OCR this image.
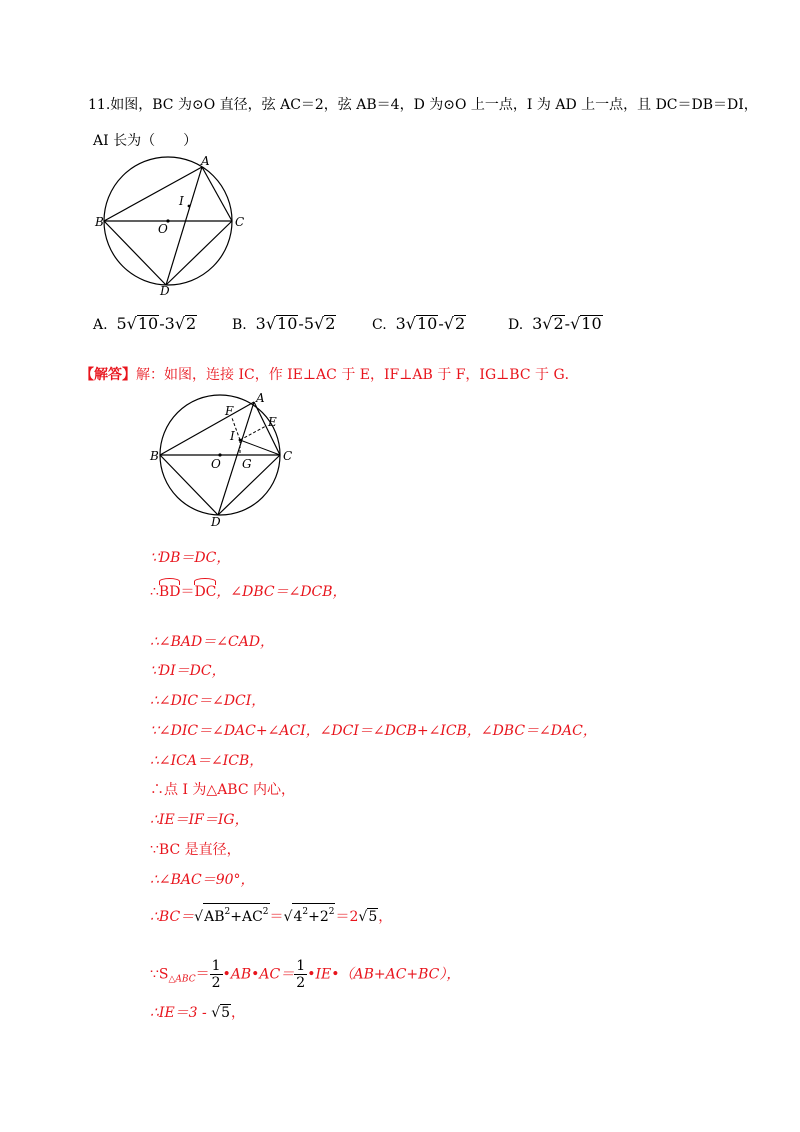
11.如图，BC 为⊙O 直径，弦 AC＝2，弦 AB＝4，D 为⊙O 上一点，I 为 AD 上一点，且 DC＝DB＝DI，
AI 长为（　　）
A
B	C
D
I
O
A. 5√10-3√2	B. 3√10-5√2	C. 3√10-√2	D. 3√2-√10
【解答】解：如图，连接 IC，作 IE⊥AC 于 E，IF⊥AB 于 F，IG⊥BC 于 G．
A
B	C
D
E
F
G
I
O
∵DB＝DC，
∴BD＝DC，∠DBC＝∠DCB，
∴∠BAD＝∠CAD，
∵DI＝DC，
∴∠DIC＝∠DCI，
∵∠DIC＝∠DAC+∠ACI，∠DCI＝∠DCB+∠ICB，∠DBC＝∠DAC，
∴∠ICA＝∠ICB，
∴点 I 为△ABC 内心，
∴IE＝IF＝IG，
∵BC 是直径，
∴∠BAC＝90°，
$\therefore BC=√AB^2+AC^2=√4^2+2^2=2√5$，
$\because S_{\triangle ABC}= \frac{1}{2}$ •AB•AC＝ $\frac{1}{2}$ •IE•（AB+AC+BC），
∴IE＝3 - √5，
